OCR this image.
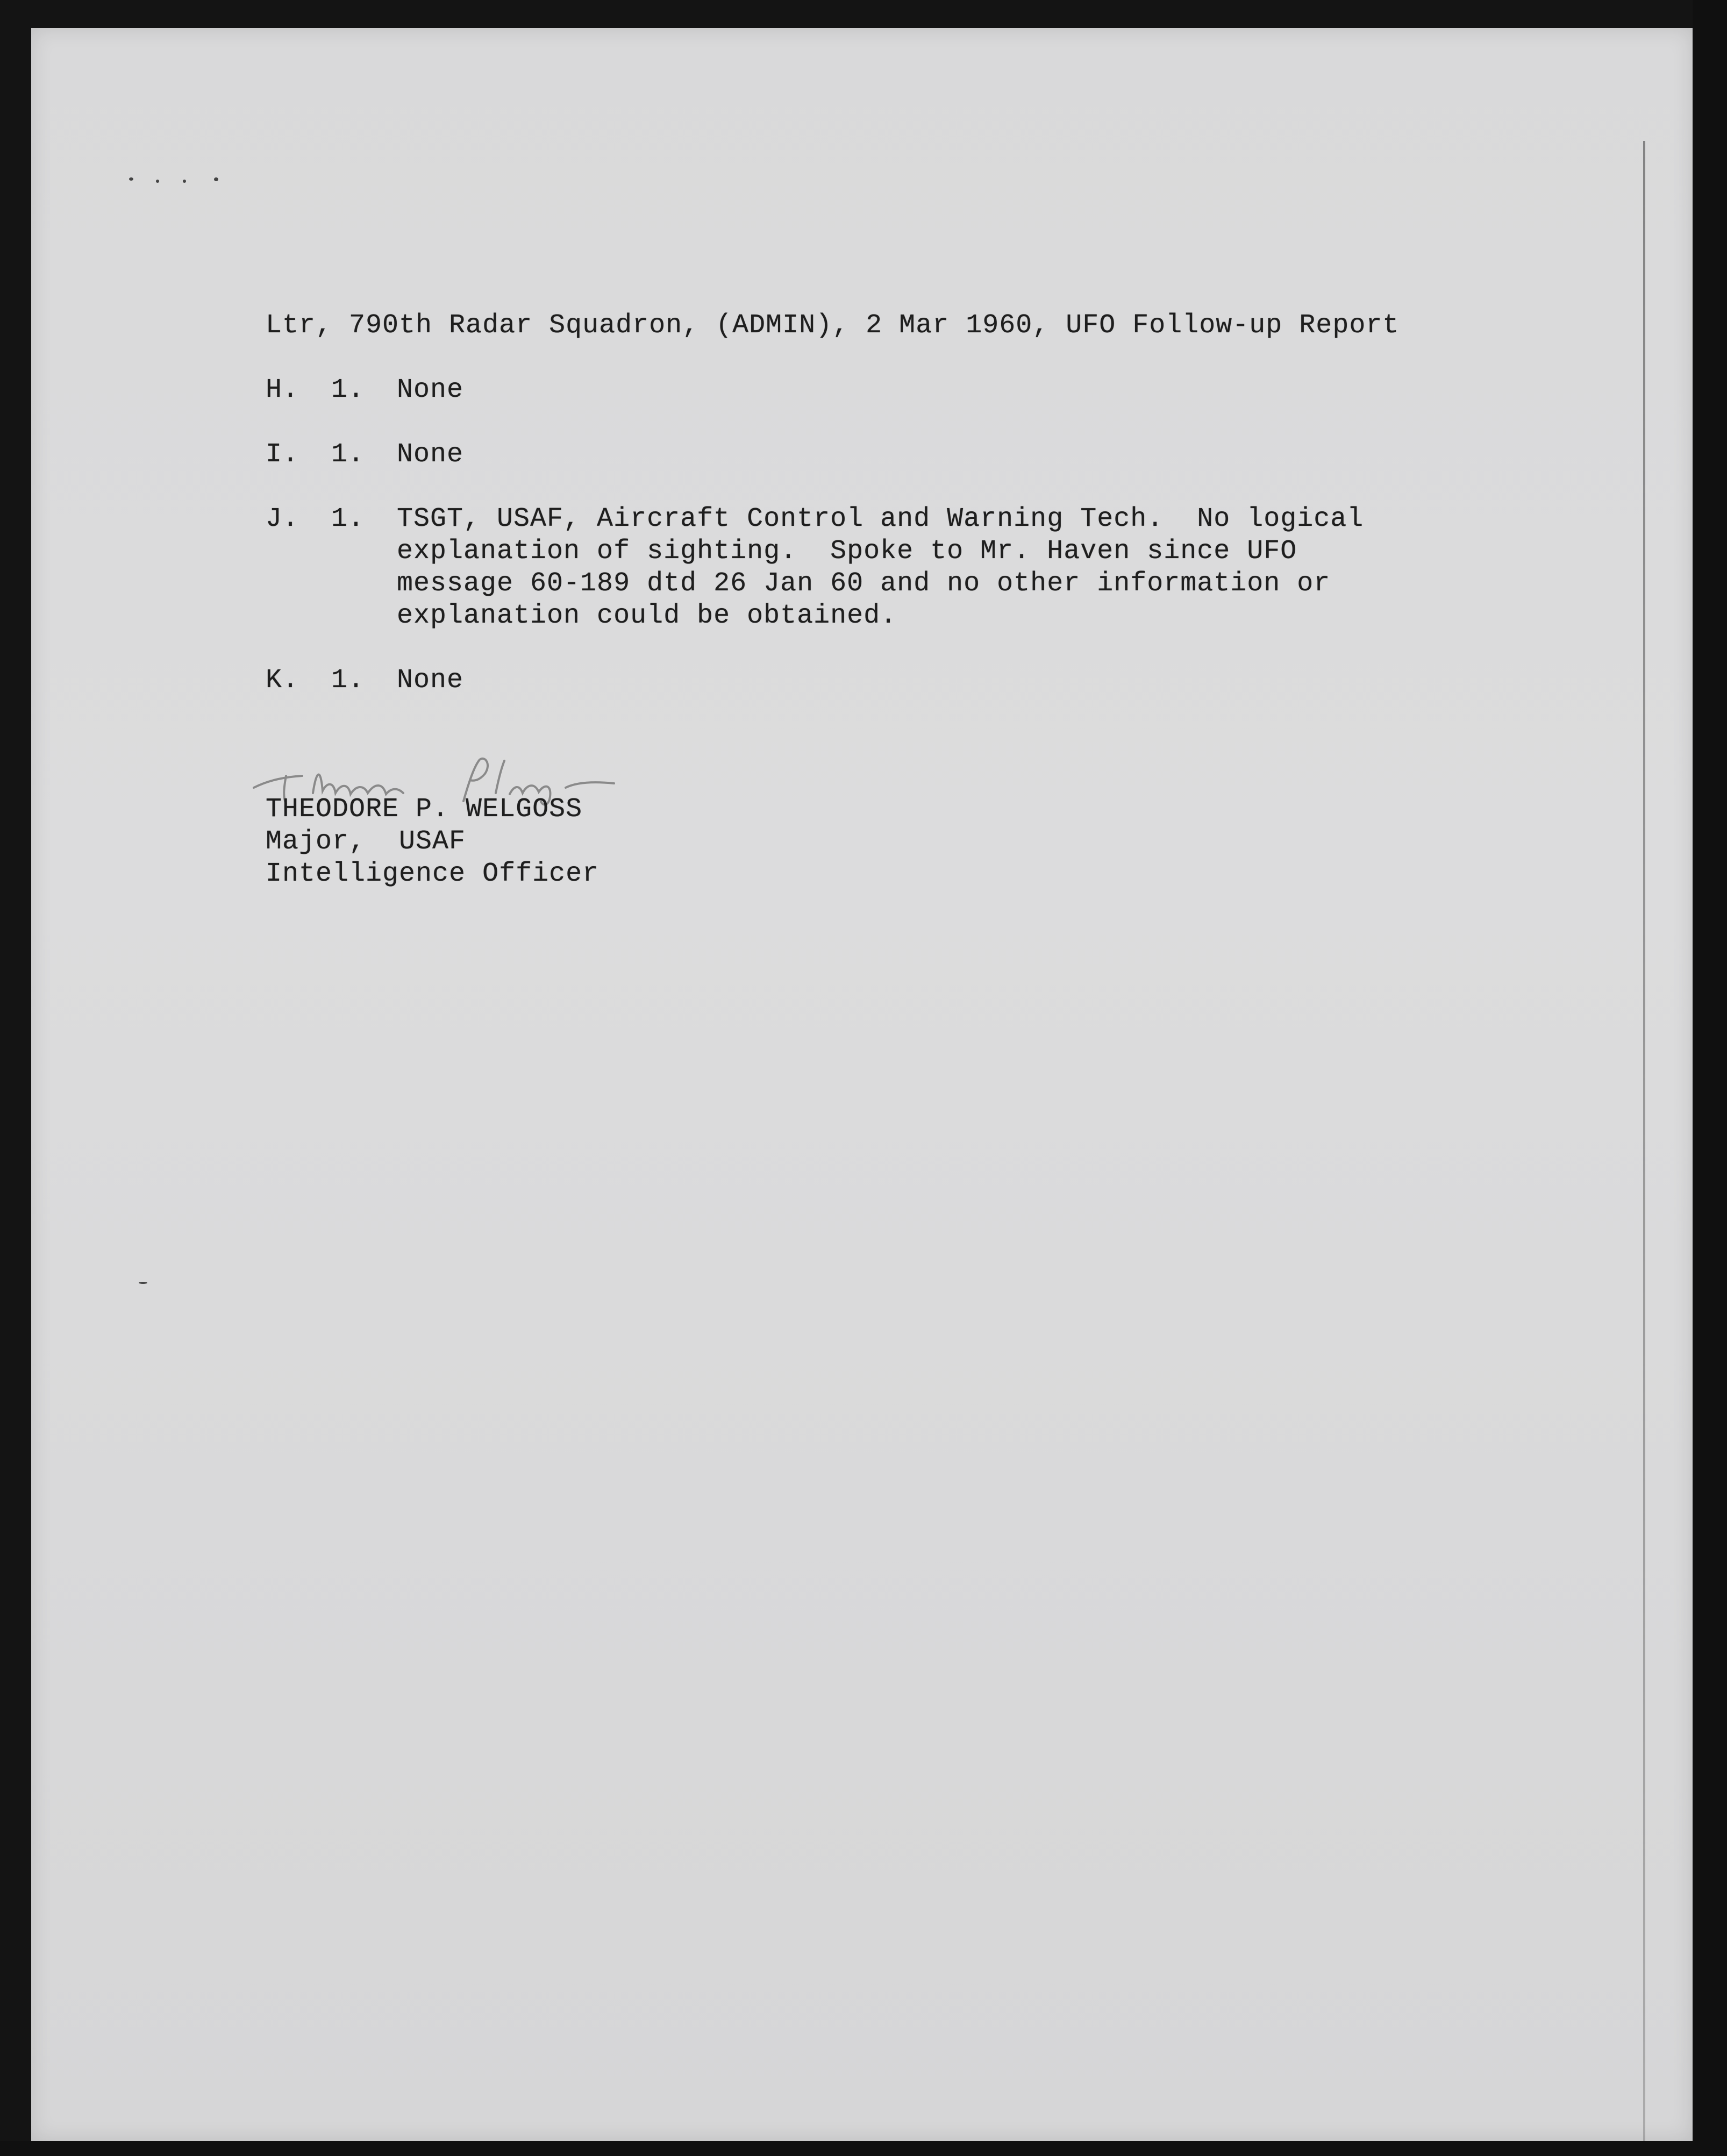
Ltr, 790th Radar Squadron, (ADMIN), 2 Mar 1960, UFO Follow-up Report
H. 1. None
I. 1. None
J. 1. TSGT, USAF, Aircraft Control and Warning Tech.  No logical
explanation of sighting.  Spoke to Mr. Haven since UFO
message 60-189 dtd 26 Jan 60 and no other information or
explanation could be obtained.
K. 1. None
THEODORE P. WELGOSS
Major,  USAF
Intelligence Officer
